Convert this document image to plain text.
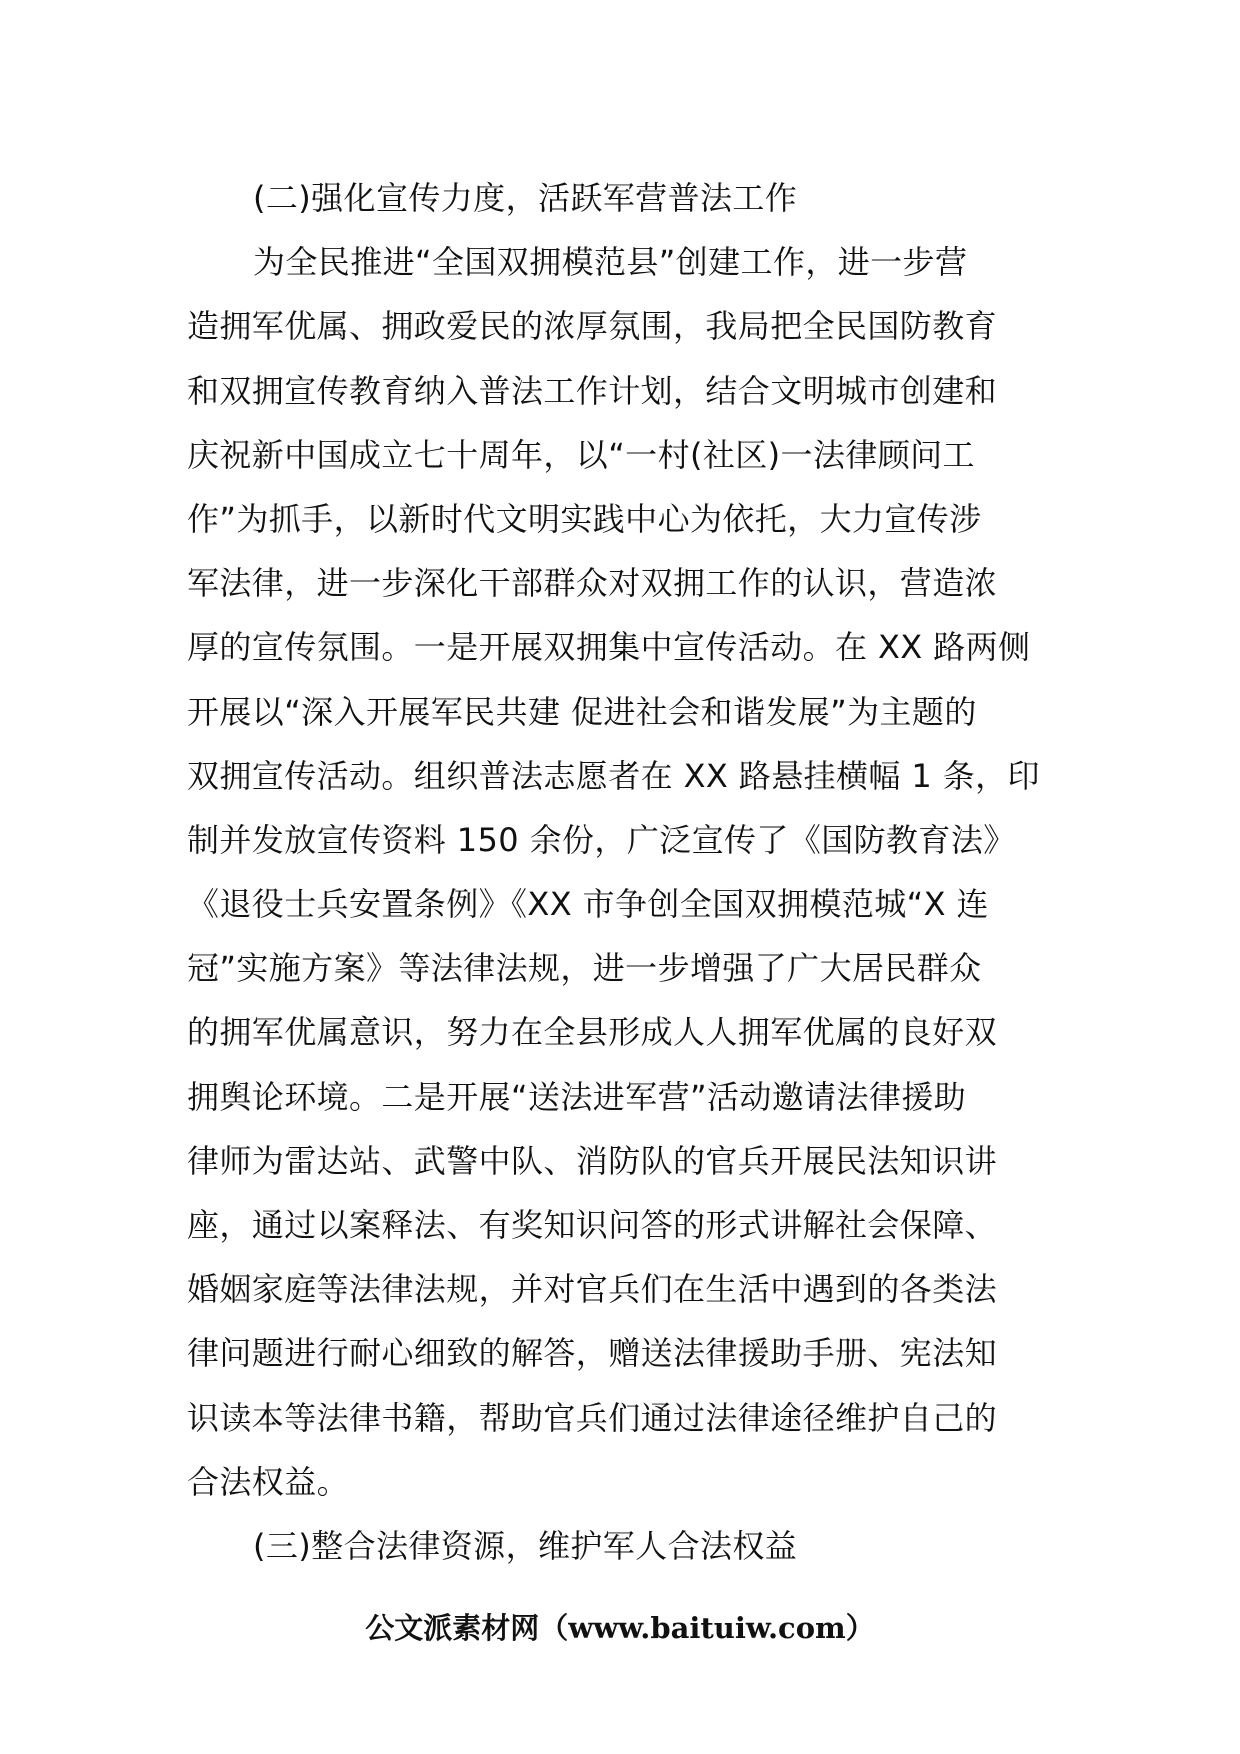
(二)强化宣传力度，活跃军营普法工作
为全民推进“全国双拥模范县”创建工作，进一步营
造拥军优属、拥政爱民的浓厚氛围，我局把全民国防教育
和双拥宣传教育纳入普法工作计划，结合文明城市创建和
庆祝新中国成立七十周年，以“一村(社区)一法律顾问工
作”为抓手，以新时代文明实践中心为依托，大力宣传涉
军法律，进一步深化干部群众对双拥工作的认识，营造浓
厚的宣传氛围。一是开展双拥集中宣传活动。在 XX 路两侧
开展以“深入开展军民共建 促进社会和谐发展”为主题的
双拥宣传活动。组织普法志愿者在 XX 路悬挂横幅 1 条，印
制并发放宣传资料 150 余份，广泛宣传了《国防教育法》
《退役士兵安置条例》《XX 市争创全国双拥模范城“X 连
冠”实施方案》等法律法规，进一步增强了广大居民群众
的拥军优属意识，努力在全县形成人人拥军优属的良好双
拥舆论环境。二是开展“送法进军营”活动邀请法律援助
律师为雷达站、武警中队、消防队的官兵开展民法知识讲
座，通过以案释法、有奖知识问答的形式讲解社会保障、
婚姻家庭等法律法规，并对官兵们在生活中遇到的各类法
律问题进行耐心细致的解答，赠送法律援助手册、宪法知
识读本等法律书籍，帮助官兵们通过法律途径维护自己的
合法权益。
(三)整合法律资源，维护军人合法权益
公文派素材网（www.baituiw.com）
